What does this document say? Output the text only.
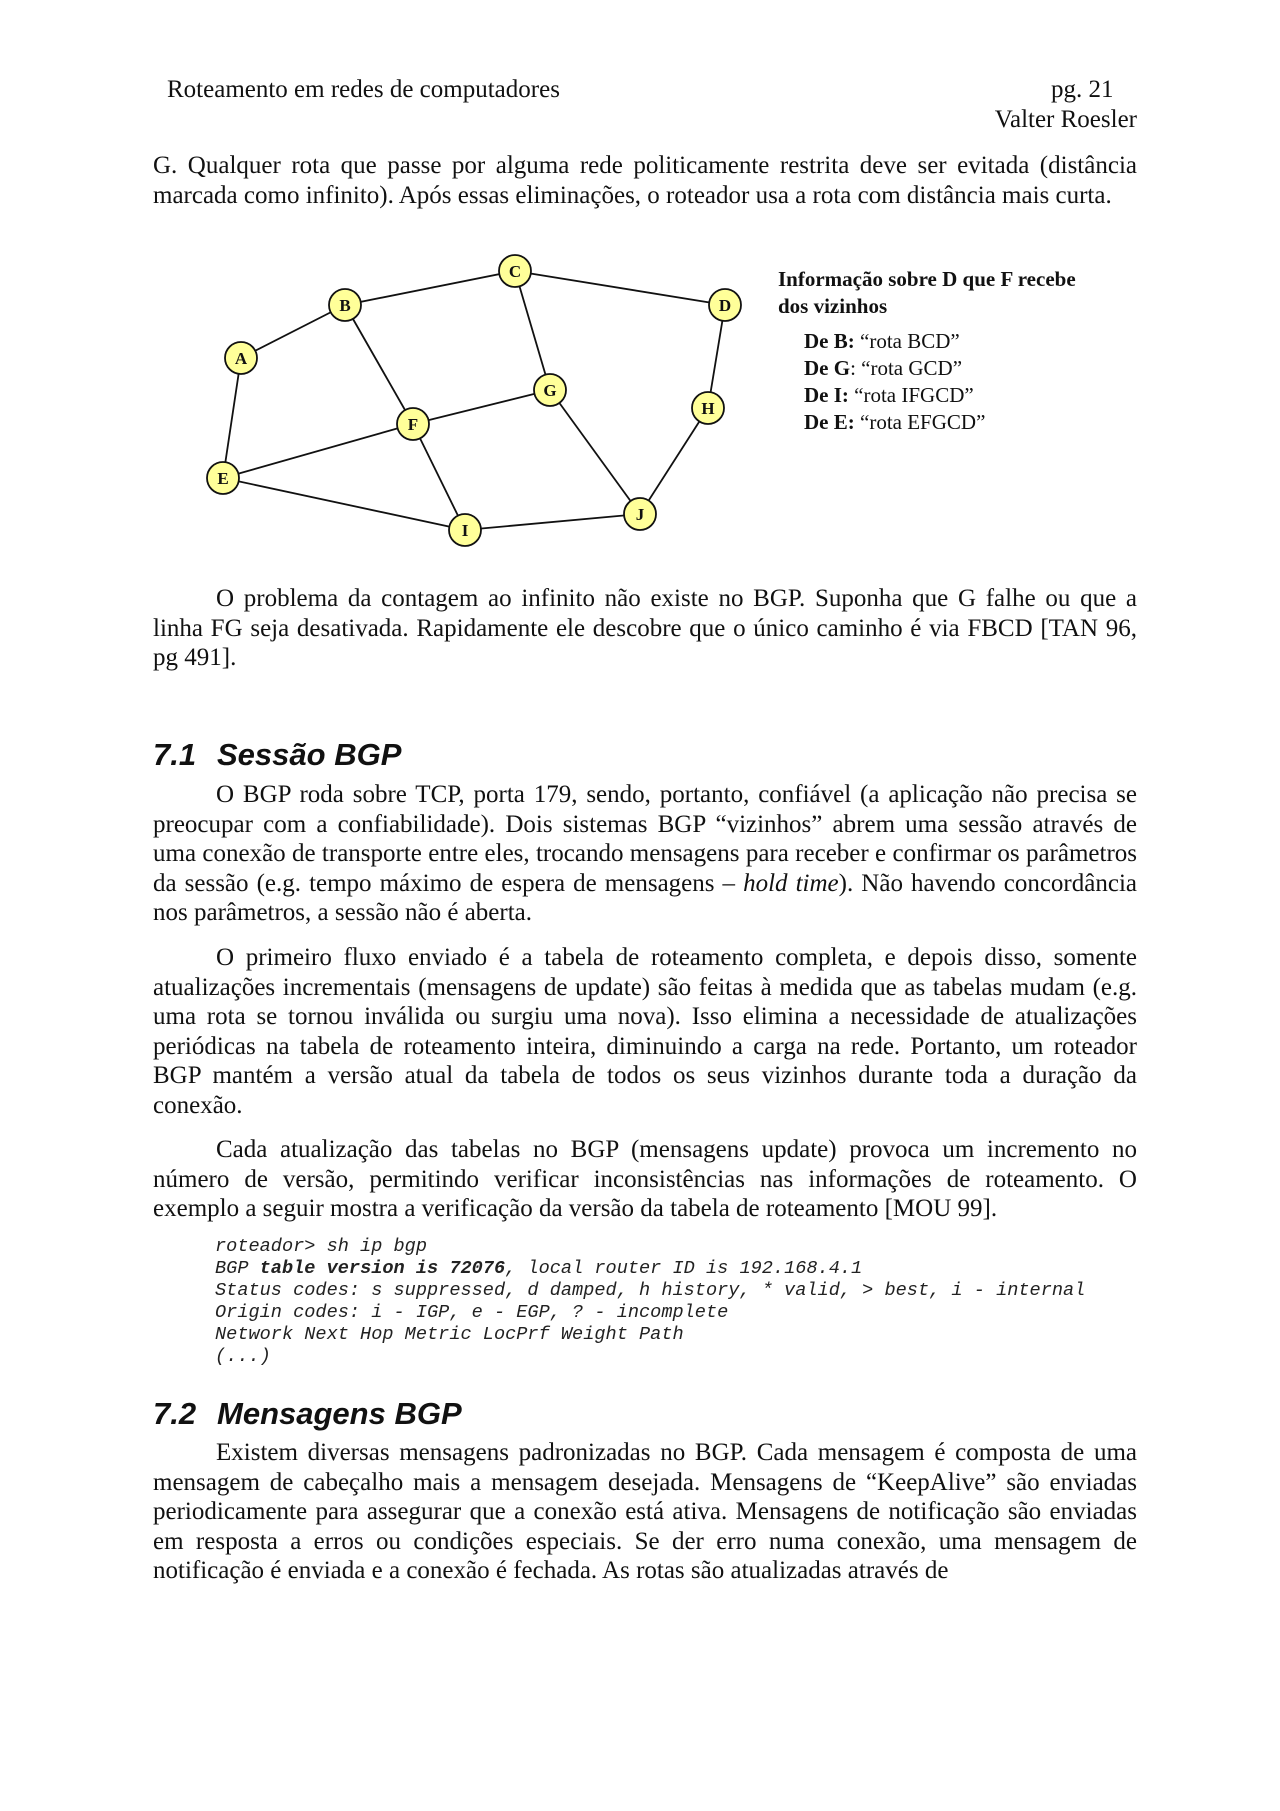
Roteamento em redes de computadores	pg. 21
Valter Roesler

G. Qualquer rota que passe por alguma rede politicamente restrita deve ser evitada (distância marcada como infinito). Após essas eliminações, o roteador usa a rota com distância mais curta.

A
B
C
D
E
F
G
H
I
J
Informação sobre D que F recebe dos vizinhos
De B: “rota BCD”
De G: “rota GCD”
De I: “rota IFGCD”
De E: “rota EFGCD”

O problema da contagem ao infinito não existe no BGP. Suponha que G falhe ou que a linha FG seja desativada. Rapidamente ele descobre que o único caminho é via FBCD [TAN 96, pg 491].

7.1 Sessão BGP

O BGP roda sobre TCP, porta 179, sendo, portanto, confiável (a aplicação não precisa se preocupar com a confiabilidade). Dois sistemas BGP “vizinhos” abrem uma sessão através de uma conexão de transporte entre eles, trocando mensagens para receber e confirmar os parâmetros da sessão (e.g. tempo máximo de espera de mensagens – hold time). Não havendo concordância nos parâmetros, a sessão não é aberta.

O primeiro fluxo enviado é a tabela de roteamento completa, e depois disso, somente atualizações incrementais (mensagens de update) são feitas à medida que as tabelas mudam (e.g. uma rota se tornou inválida ou surgiu uma nova). Isso elimina a necessidade de atualizações periódicas na tabela de roteamento inteira, diminuindo a carga na rede. Portanto, um roteador BGP mantém a versão atual da tabela de todos os seus vizinhos durante toda a duração da conexão.

Cada atualização das tabelas no BGP (mensagens update) provoca um incremento no número de versão, permitindo verificar inconsistências nas informações de roteamento. O exemplo a seguir mostra a verificação da versão da tabela de roteamento [MOU 99].

roteador> sh ip bgp
BGP table version is 72076, local router ID is 192.168.4.1
Status codes: s suppressed, d damped, h history, * valid, > best, i - internal
Origin codes: i - IGP, e - EGP, ? - incomplete
Network Next Hop Metric LocPrf Weight Path
(...)
7.2 Mensagens BGP

Existem diversas mensagens padronizadas no BGP. Cada mensagem é composta de uma mensagem de cabeçalho mais a mensagem desejada. Mensagens de “KeepAlive” são enviadas periodicamente para assegurar que a conexão está ativa. Mensagens de notificação são enviadas em resposta a erros ou condições especiais. Se der erro numa conexão, uma mensagem de notificação é enviada e a conexão é fechada. As rotas são atualizadas através de
